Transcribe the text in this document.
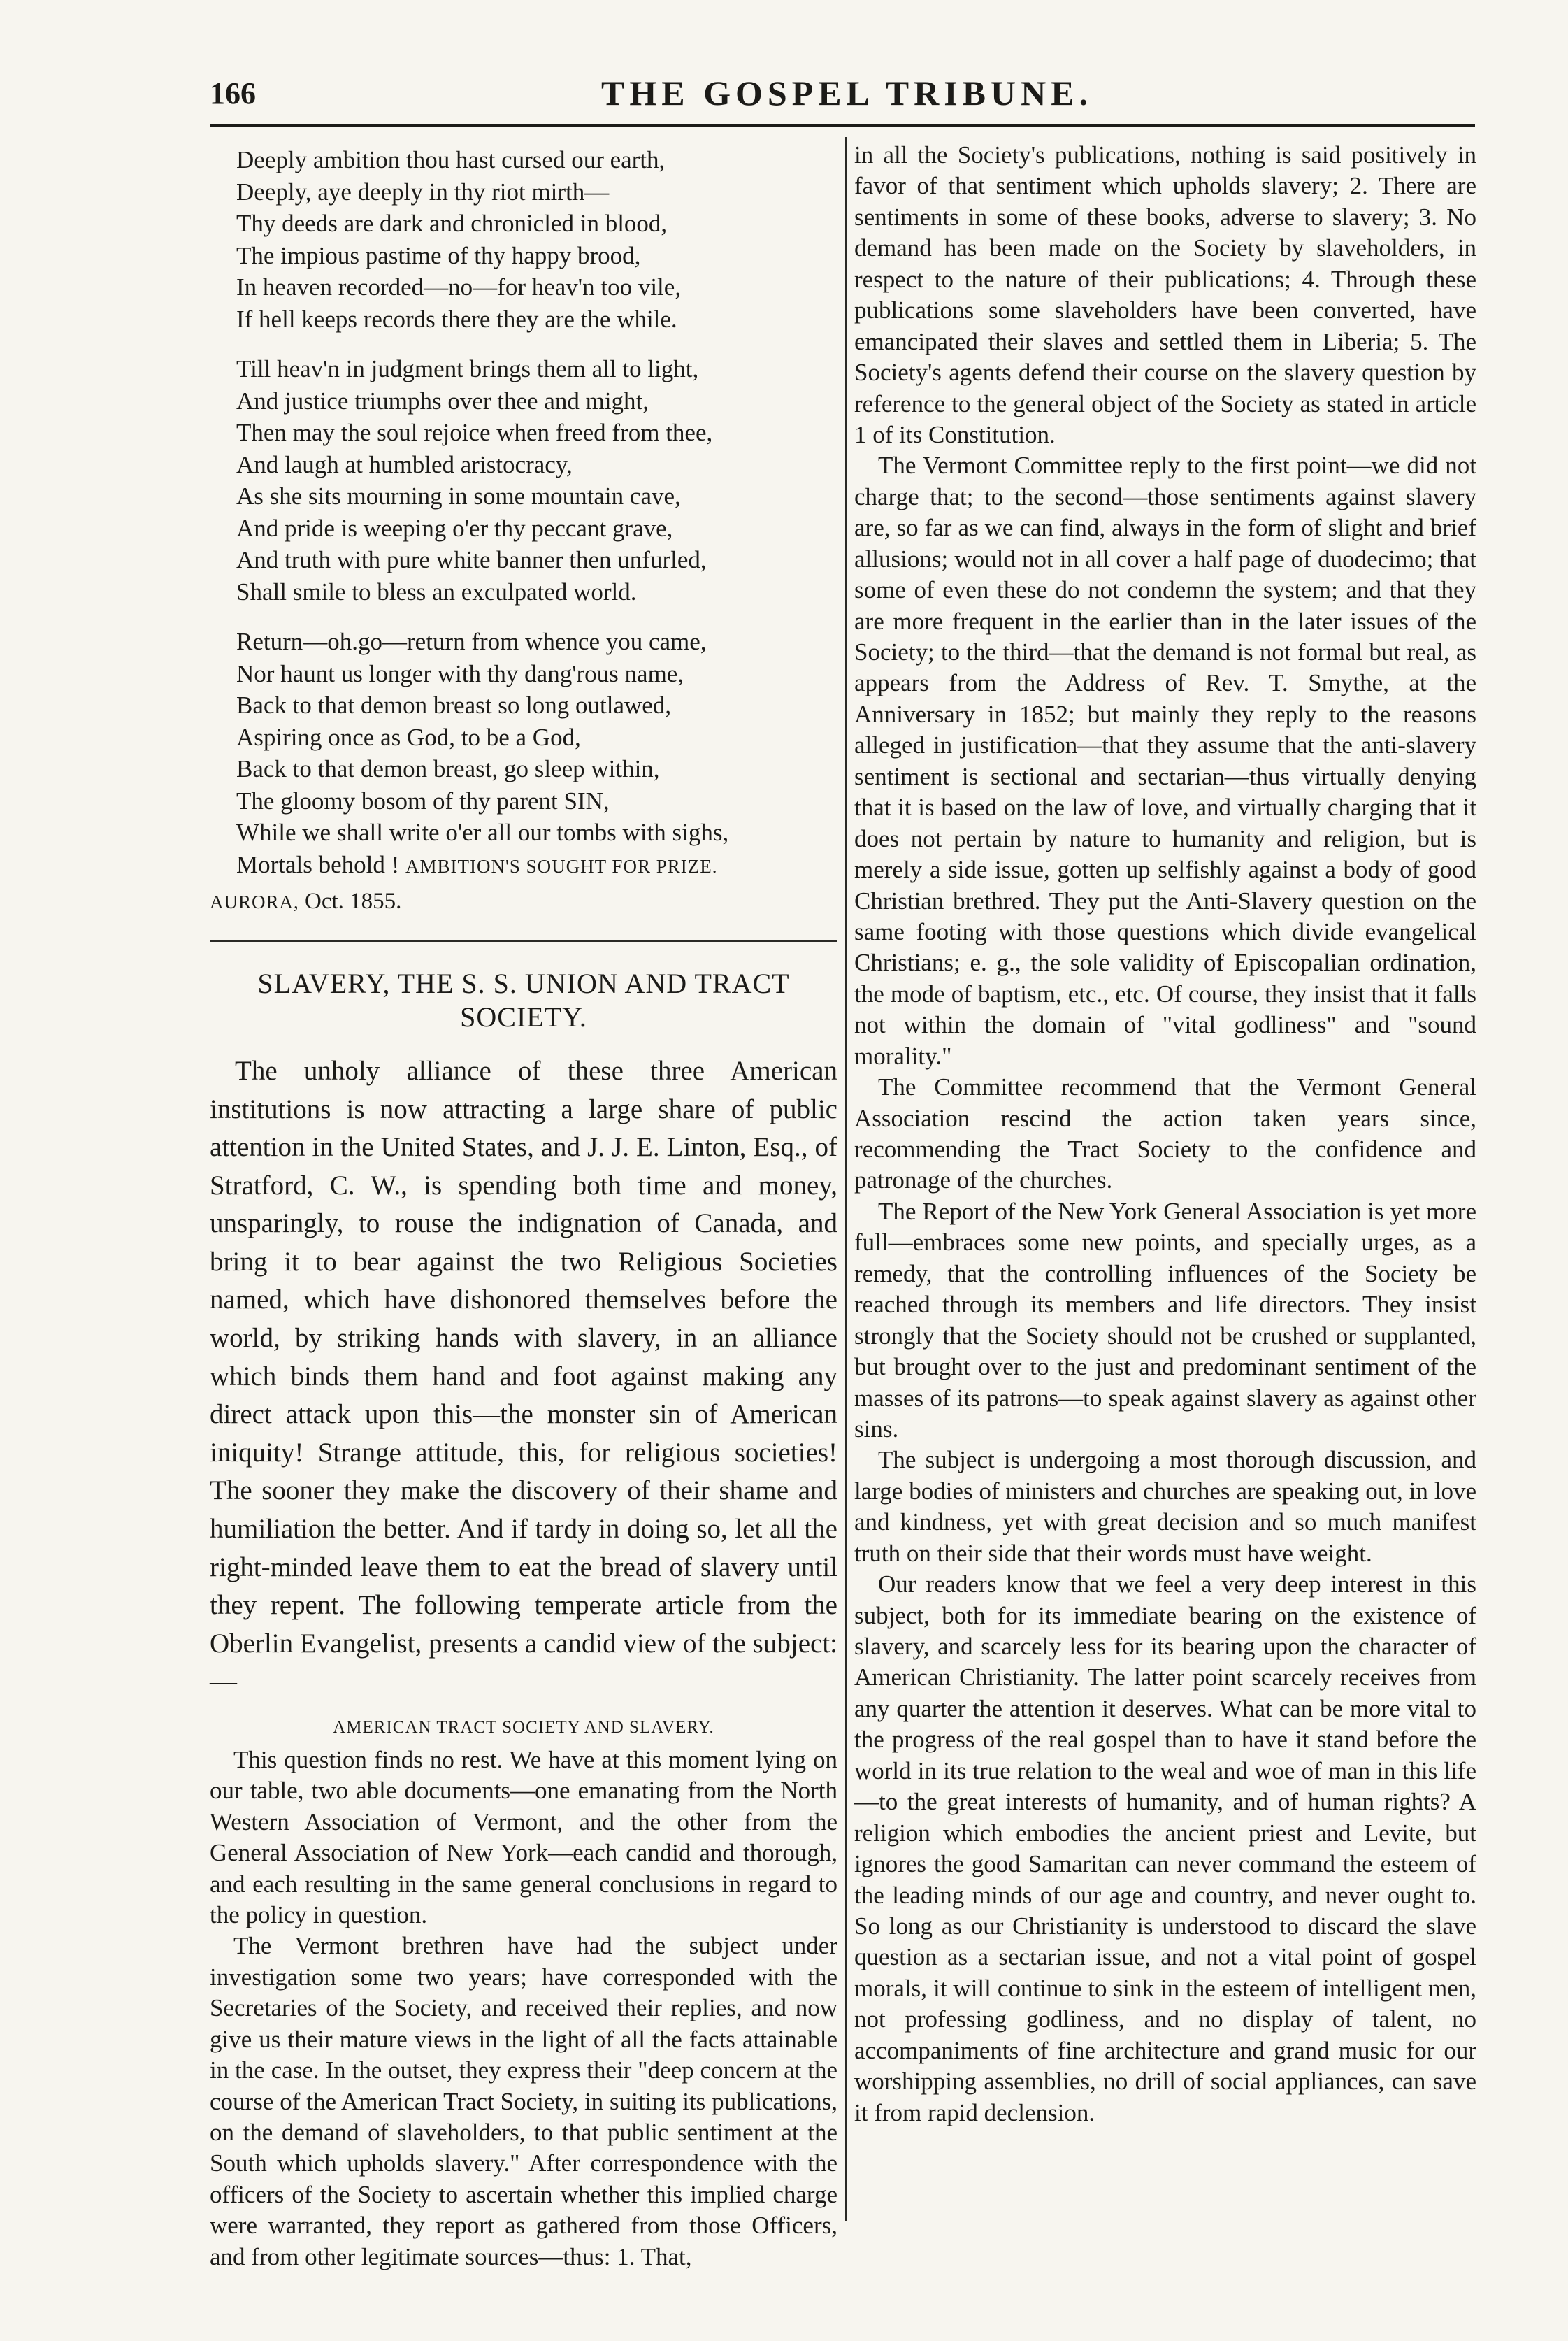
166	THE GOSPEL TRIBUNE.

Deeply ambition thou hast cursed our earth,

Deeply, aye deeply in thy riot mirth—

Thy deeds are dark and chronicled in blood,

The impious pastime of thy happy brood,

In heaven recorded—no—for heav'n too vile,

If hell keeps records there they are the while.

Till heav'n in judgment brings them all to light,

And justice triumphs over thee and might,

Then may the soul rejoice when freed from thee,

And laugh at humbled aristocracy,

As she sits mourning in some mountain cave,

And pride is weeping o'er thy peccant grave,

And truth with pure white banner then unfurled,

Shall smile to bless an exculpated world.

Return—oh.go—return from whence you came,

Nor haunt us longer with thy dang'rous name,

Back to that demon breast so long outlawed,

Aspiring once as God, to be a God,

Back to that demon breast, go sleep within,

The gloomy bosom of thy parent SIN,

While we shall write o'er all our tombs with sighs,

Mortals behold ! AMBITION'S SOUGHT FOR PRIZE.

AURORA, Oct. 1855.

SLAVERY, THE S. S. UNION AND TRACT SOCIETY.

The unholy alliance of these three American institutions is now attracting a large share of public attention in the United States, and J. J. E. Linton, Esq., of Stratford, C. W., is spending both time and money, unsparingly, to rouse the indignation of Canada, and bring it to bear against the two Religious Societies named, which have dishonored themselves before the world, by striking hands with slavery, in an alliance which binds them hand and foot against making any direct attack upon this—the monster sin of American iniquity! Strange attitude, this, for religious societies! The sooner they make the discovery of their shame and humiliation the better. And if tardy in doing so, let all the right-minded leave them to eat the bread of slavery until they repent. The following temperate article from the Oberlin Evangelist, presents a candid view of the subject:—

AMERICAN TRACT SOCIETY AND SLAVERY.

This question finds no rest. We have at this moment lying on our table, two able documents—one emanating from the North Western Association of Vermont, and the other from the General Association of New York—each candid and thorough, and each resulting in the same general conclusions in regard to the policy in question.

The Vermont brethren have had the subject under investigation some two years; have corresponded with the Secretaries of the Society, and received their replies, and now give us their mature views in the light of all the facts attainable in the case. In the outset, they express their "deep concern at the course of the American Tract Society, in suiting its publications, on the demand of slaveholders, to that public sentiment at the South which upholds slavery." After correspondence with the officers of the Society to ascertain whether this implied charge were warranted, they report as gathered from those Officers, and from other legitimate sources—thus: 1. That,

in all the Society's publications, nothing is said positively in favor of that sentiment which upholds slavery; 2. There are sentiments in some of these books, adverse to slavery; 3. No demand has been made on the Society by slaveholders, in respect to the nature of their publications; 4. Through these publications some slaveholders have been converted, have emancipated their slaves and settled them in Liberia; 5. The Society's agents defend their course on the slavery question by reference to the general object of the Society as stated in article 1 of its Constitution.

The Vermont Committee reply to the first point—we did not charge that; to the second—those sentiments against slavery are, so far as we can find, always in the form of slight and brief allusions; would not in all cover a half page of duodecimo; that some of even these do not condemn the system; and that they are more frequent in the earlier than in the later issues of the Society; to the third—that the demand is not formal but real, as appears from the Address of Rev. T. Smythe, at the Anniversary in 1852; but mainly they reply to the reasons alleged in justification—that they assume that the anti-slavery sentiment is sectional and sectarian—thus virtually denying that it is based on the law of love, and virtually charging that it does not pertain by nature to humanity and religion, but is merely a side issue, gotten up selfishly against a body of good Christian brethred. They put the Anti-Slavery question on the same footing with those questions which divide evangelical Christians; e. g., the sole validity of Episcopalian ordination, the mode of baptism, etc., etc. Of course, they insist that it falls not within the domain of "vital godliness" and "sound morality."

The Committee recommend that the Vermont General Association rescind the action taken years since, recommending the Tract Society to the confidence and patronage of the churches.

The Report of the New York General Association is yet more full—embraces some new points, and specially urges, as a remedy, that the controlling influences of the Society be reached through its members and life directors. They insist strongly that the Society should not be crushed or supplanted, but brought over to the just and predominant sentiment of the masses of its patrons—to speak against slavery as against other sins.

The subject is undergoing a most thorough discussion, and large bodies of ministers and churches are speaking out, in love and kindness, yet with great decision and so much manifest truth on their side that their words must have weight.

Our readers know that we feel a very deep interest in this subject, both for its immediate bearing on the existence of slavery, and scarcely less for its bearing upon the character of American Christianity. The latter point scarcely receives from any quarter the attention it deserves. What can be more vital to the progress of the real gospel than to have it stand before the world in its true relation to the weal and woe of man in this life—to the great interests of humanity, and of human rights? A religion which embodies the ancient priest and Levite, but ignores the good Samaritan can never command the esteem of the leading minds of our age and country, and never ought to. So long as our Christianity is understood to discard the slave question as a sectarian issue, and not a vital point of gospel morals, it will continue to sink in the esteem of intelligent men, not professing godliness, and no display of talent, no accompaniments of fine architecture and grand music for our worshipping assemblies, no drill of social appliances, can save it from rapid declension.
